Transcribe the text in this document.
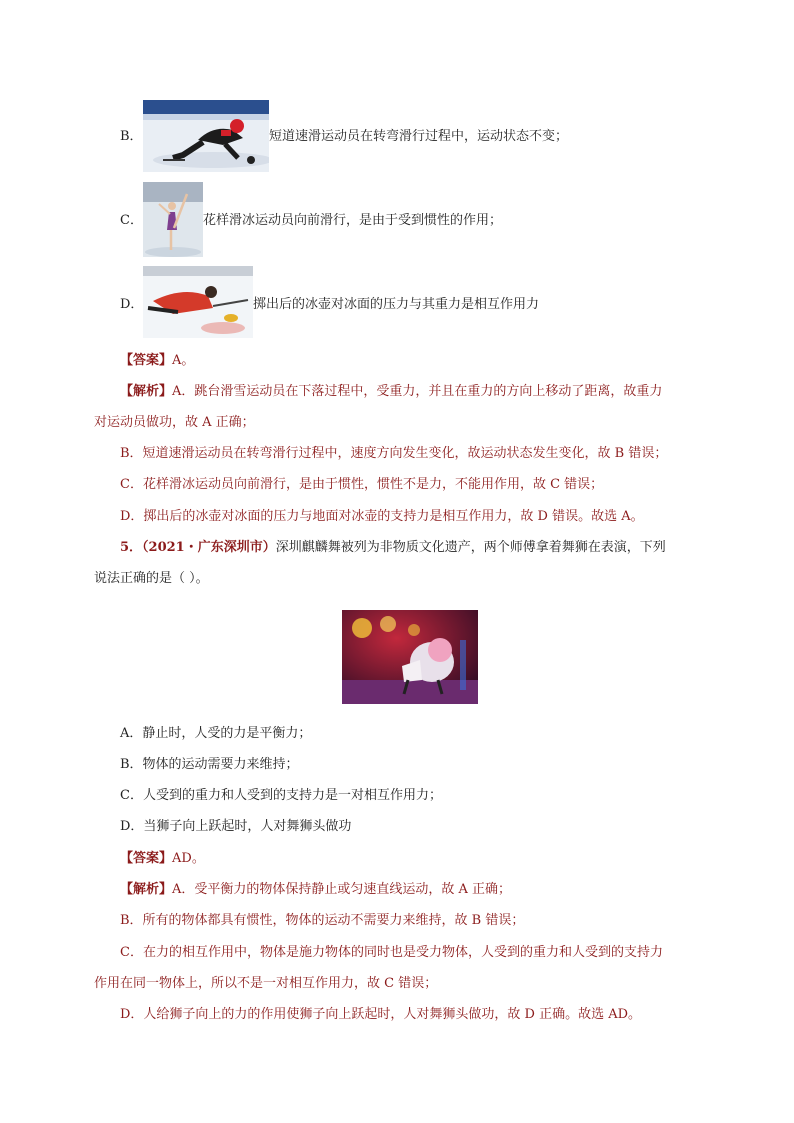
B．	短道速滑运动员在转弯滑行过程中，运动状态不变；
C．	花样滑冰运动员向前滑行，是由于受到惯性的作用；
D．	掷出后的冰壶对冰面的压力与其重力是相互作用力
【答案】A。
【解析】A．跳台滑雪运动员在下落过程中，受重力，并且在重力的方向上移动了距离，故重力
对运动员做功，故 A 正确；
B．短道速滑运动员在转弯滑行过程中，速度方向发生变化，故运动状态发生变化，故 B 错误；
C．花样滑冰运动员向前滑行，是由于惯性，惯性不是力，不能用作用，故 C 错误；
D．掷出后的冰壶对冰面的压力与地面对冰壶的支持力是相互作用力，故 D 错误。故选 A。
5．（2021・广东深圳市）深圳麒麟舞被列为非物质文化遗产，两个师傅拿着舞狮在表演，下列
说法正确的是（ ）。
A．静止时，人受的力是平衡力；
B．物体的运动需要力来维持；
C．人受到的重力和人受到的支持力是一对相互作用力；
D．当狮子向上跃起时，人对舞狮头做功
【答案】AD。
【解析】A．受平衡力的物体保持静止或匀速直线运动，故 A 正确；
B．所有的物体都具有惯性，物体的运动不需要力来维持，故 B 错误；
C．在力的相互作用中，物体是施力物体的同时也是受力物体，人受到的重力和人受到的支持力
作用在同一物体上，所以不是一对相互作用力，故 C 错误；
D．人给狮子向上的力的作用使狮子向上跃起时，人对舞狮头做功，故 D 正确。故选 AD。
